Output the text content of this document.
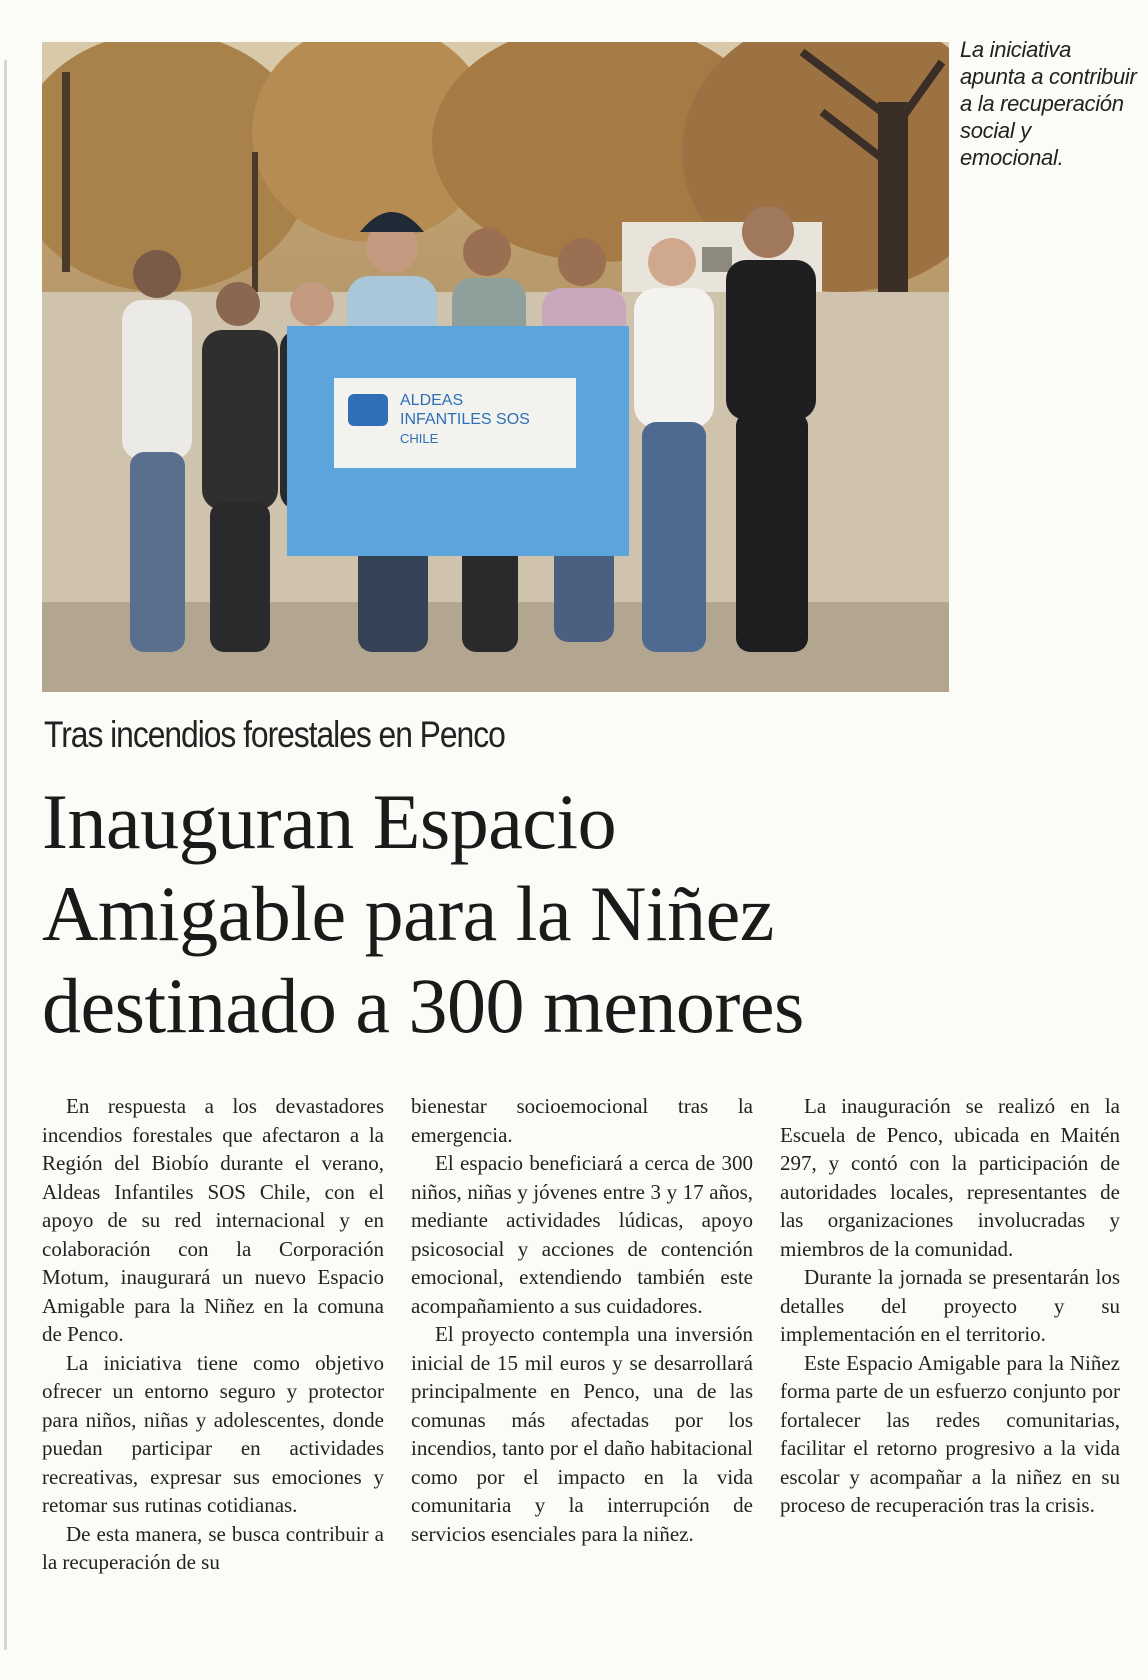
ALDEAS
INFANTILES SOS
CHILE
La iniciativa apunta a contribuir a la recuperación social y emocional.
Tras incendios forestales en Penco
Inauguran Espacio
Amigable para la Niñez
destinado a 300 menores

En respuesta a los devastadores incendios forestales que afectaron a la Región del Biobío durante el verano, Aldeas Infantiles SOS Chile, con el apoyo de su red internacional y en colaboración con la Corporación Motum, inaugurará un nuevo Espacio Amigable para la Niñez en la comuna de Penco.

La iniciativa tiene como objetivo ofrecer un entorno seguro y protector para niños, niñas y adolescentes, donde puedan participar en actividades recreativas, expresar sus emociones y retomar sus rutinas cotidianas.

De esta manera, se busca contribuir a la recuperación de su

bienestar socioemocional tras la emergencia.

El espacio beneficiará a cerca de 300 niños, niñas y jóvenes entre 3 y 17 años, mediante actividades lúdicas, apoyo psicosocial y acciones de contención emocional, extendiendo también este acompañamiento a sus cuidadores.

El proyecto contempla una inversión inicial de 15 mil euros y se desarrollará principalmente en Penco, una de las comunas más afectadas por los incendios, tanto por el daño habitacional como por el impacto en la vida comunitaria y la interrupción de servicios esenciales para la niñez.

La inauguración se realizó en la Escuela de Penco, ubicada en Maitén 297, y contó con la participación de autoridades locales, representantes de las organizaciones involucradas y miembros de la comunidad.

Durante la jornada se presentarán los detalles del proyecto y su implementación en el territorio.

Este Espacio Amigable para la Niñez forma parte de un esfuerzo conjunto por fortalecer las redes comunitarias, facilitar el retorno progresivo a la vida escolar y acompañar a la niñez en su proceso de recuperación tras la crisis.
